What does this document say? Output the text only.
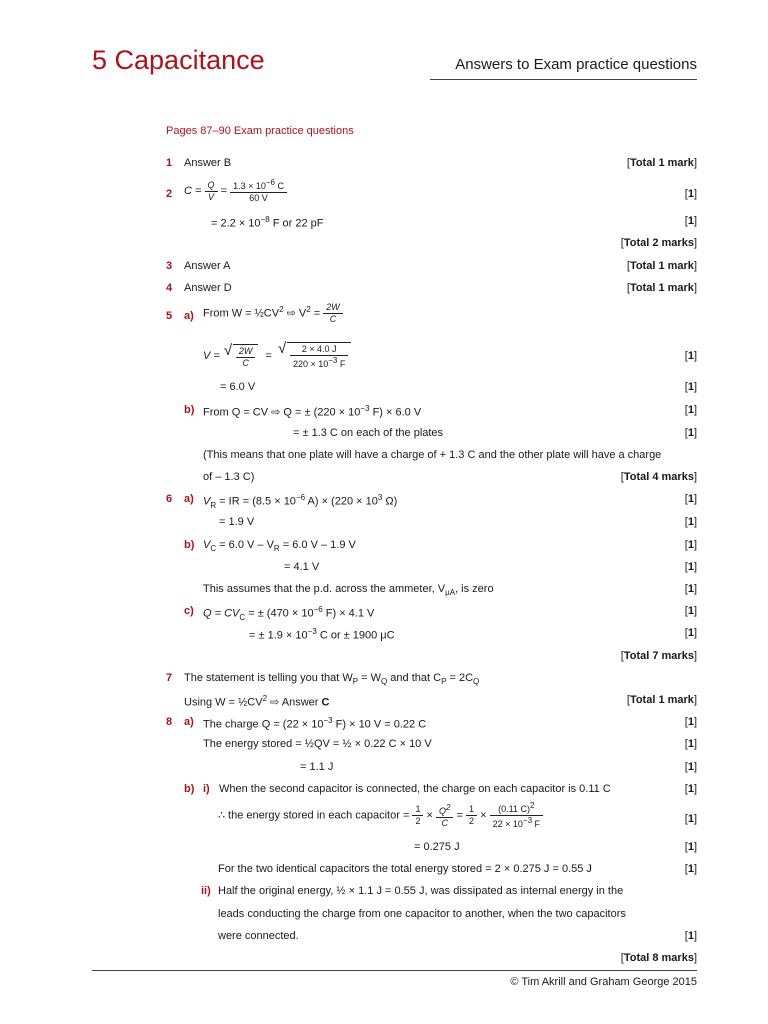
5 Capacitance	Answers to Exam practice questions
Pages 87–90 Exam practice questions
1 Answer B	[Total 1 mark]
2 $C = \frac{Q}{V} = \frac{1.3 \times 10^{-6} C}{60 V}$	[1]
= $2.2 \times 10^{-8}$ F or 22 pF	[1]
[Total 2 marks]
3 Answer A	[Total 1 mark]
4 Answer D	[Total 1 mark]
5 a) From $W = \frac{1}{2}CV^2$ ⇨ $V^2 = \frac{2W}{C}$
V = √ $\frac{2W}{C}$ = √ $\frac{2 \times 4.0 J}{220 \times 10^{-3} F}$	[1]
= 6.0 V	[1]
b) From Q = CV ⇨ Q = ± ($220 \times 10^{-3}$ F) × 6.0 V	[1]
= ± 1.3 C on each of the plates	[1]
(This means that one plate will have a charge of + 1.3 C and the other plate will have a charge
of – 1.3 C)	[Total 4 marks]
6 a) $V_R$ = IR = ($8.5 \times 10^{-6}$ $A) \times (220 \times 10^3$ Ω)	[1]
= 1.9 V	[1]
b) $V_C = 6.0$ $V - V_R = 6.0$ V – 1.9 V	[1]
= 4.1 V	[1]
This assumes that the p.d. across the ammeter, $V_{\mu A}$, is zero	[1]
c) $Q = CV_C$ = ± ($470 \times 10^{-6}$ F) × 4.1 V	[1]
= ± $1.9 \times 10^{-3}$ C or ± 1900 μC	[1]
[Total 7 marks]
7 The statement is telling you that $W_P = W_Q$ and that $C_P = 2C_Q$
Using $W = \frac{1}{2}CV^2$ ⇨ Answer C	[Total 1 mark]
8 a) The charge $Q = (22 \times 10^{-3}$ F) × 10 V = 0.22 C	[1]
The energy stored = ½QV = ½ × 0.22 C × 10 V	[1]
= 1.1 J	[1]
b) i) When the second capacitor is connected, the charge on each capacitor is 0.11 C	[1]
∴ the energy stored in each capacitor = $\frac{1}{2} \times \frac{Q^2}{C} = \frac{1}{2} \times \frac{(0.11 C)^2}{22 \times 10^{-3} F}$	[1]
= 0.275 J	[1]
For the two identical capacitors the total energy stored = 2 × 0.275 J = 0.55 J	[1]
ii) Half the original energy, ½ × 1.1 J = 0.55 J, was dissipated as internal energy in the
leads conducting the charge from one capacitor to another, when the two capacitors
were connected.	[1]
[Total 8 marks]
© Tim Akrill and Graham George 2015
